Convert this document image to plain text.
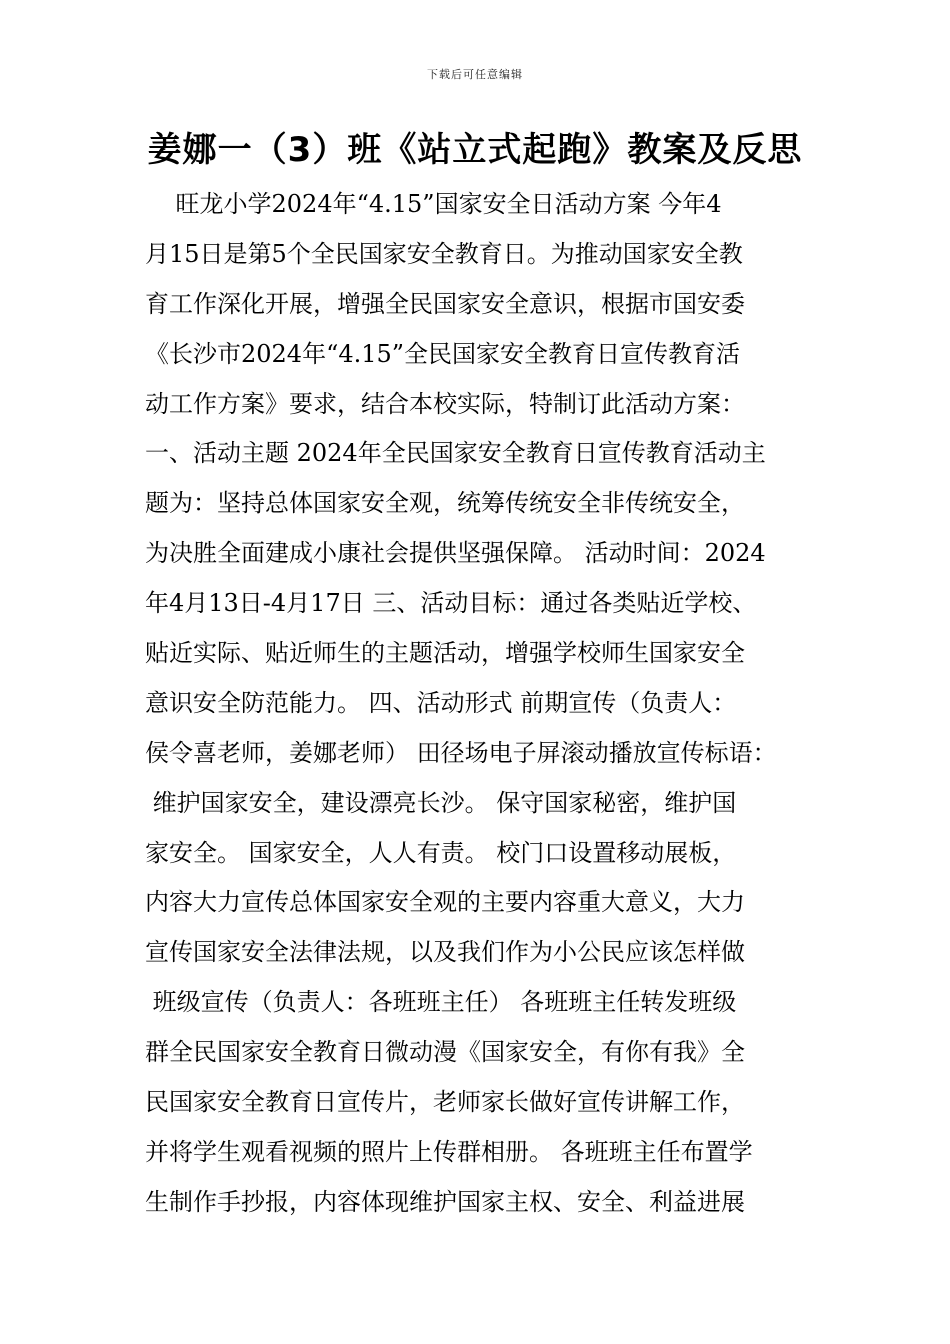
下载后可任意编辑
姜娜一（3）班《站立式起跑》教案及反思
旺龙小学2024年“4.15”国家安全日活动方案 今年4
月15日是第5个全民国家安全教育日。为推动国家安全教
育工作深化开展，增强全民国家安全意识，根据市国安委
《长沙市2024年“4.15”全民国家安全教育日宣传教育活
动工作方案》要求，结合本校实际，特制订此活动方案：
一、活动主题 2024年全民国家安全教育日宣传教育活动主
题为：坚持总体国家安全观，统筹传统安全非传统安全，
为决胜全面建成小康社会提供坚强保障。 活动时间：2024
年4月13日-4月17日 三、活动目标：通过各类贴近学校、
贴近实际、贴近师生的主题活动，增强学校师生国家安全
意识安全防范能力。 四、活动形式 前期宣传（负责人：
侯令喜老师，姜娜老师） 田径场电子屏滚动播放宣传标语：
维护国家安全，建设漂亮长沙。 保守国家秘密，维护国
家安全。 国家安全，人人有责。 校门口设置移动展板，
内容大力宣传总体国家安全观的主要内容重大意义，大力
宣传国家安全法律法规，以及我们作为小公民应该怎样做
班级宣传（负责人：各班班主任） 各班班主任转发班级
群全民国家安全教育日微动漫《国家安全，有你有我》全
民国家安全教育日宣传片，老师家长做好宣传讲解工作，
并将学生观看视频的照片上传群相册。 各班班主任布置学
生制作手抄报，内容体现维护国家主权、安全、利益进展
